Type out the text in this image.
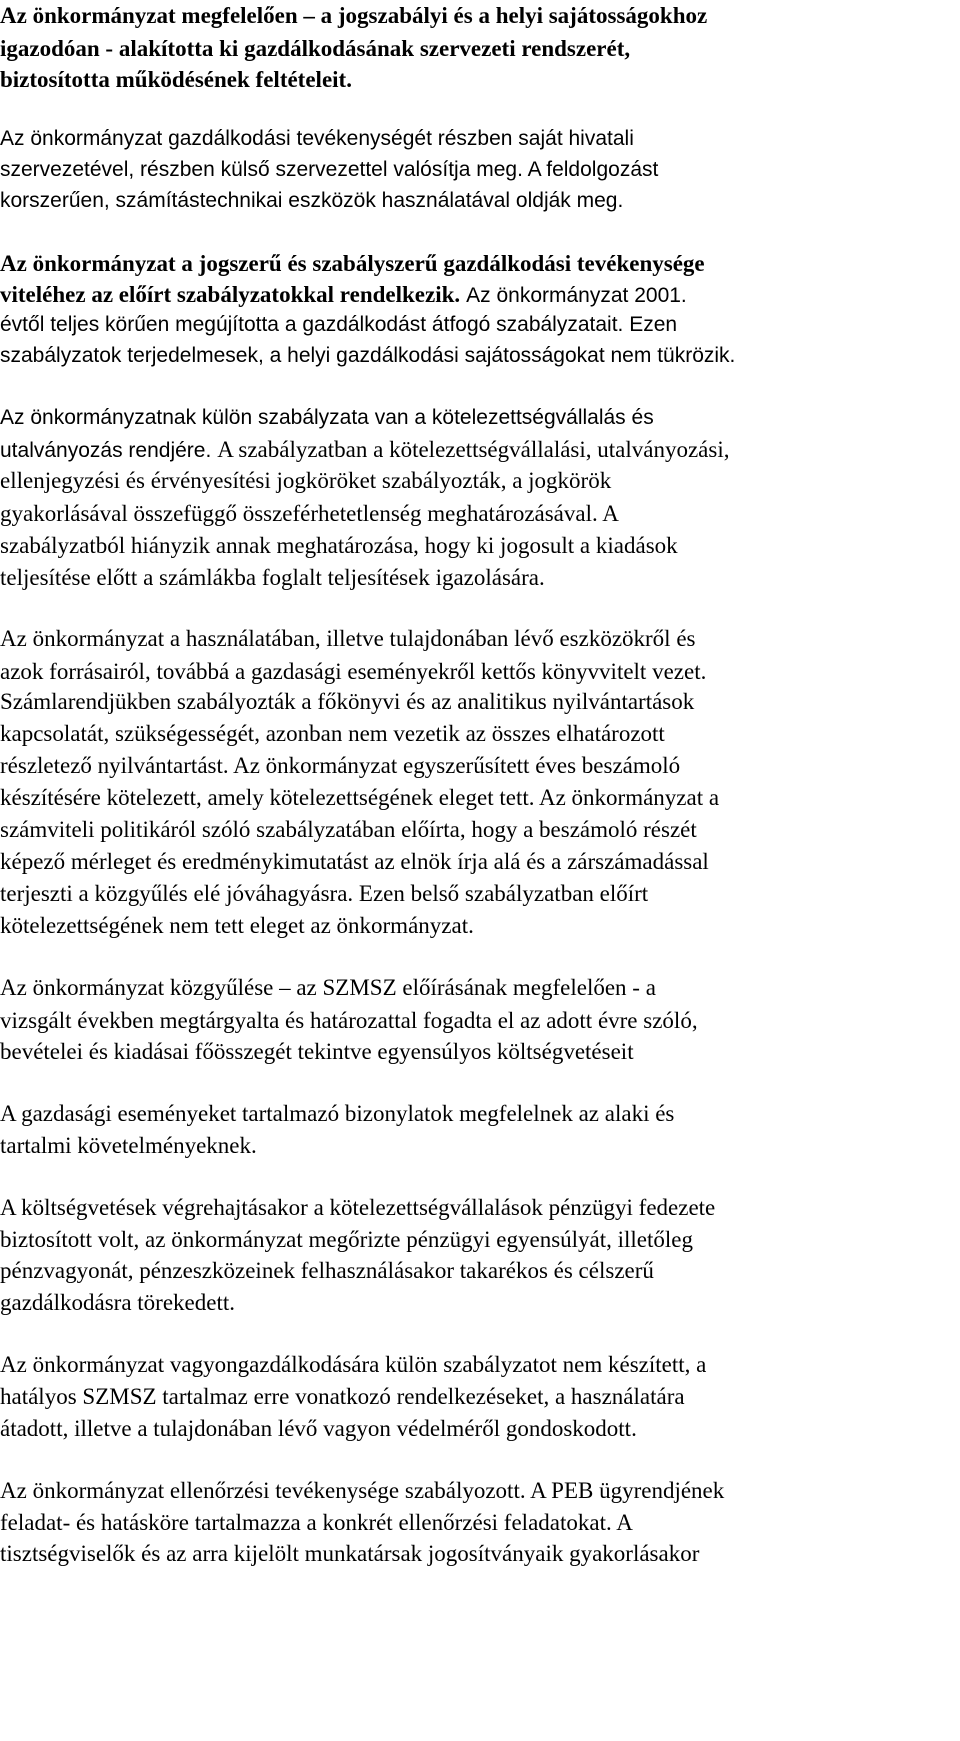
Az önkormányzat megfelelően – a jogszabályi és a helyi sajátosságokhoz
igazodóan - alakította ki gazdálkodásának szervezeti rendszerét,
biztosította működésének feltételeit.
Az önkormányzat gazdálkodási tevékenységét részben saját hivatali
szervezetével, részben külső szervezettel valósítja meg. A feldolgozást
korszerűen, számítástechnikai eszközök használatával oldják meg.
Az önkormányzat a jogszerű és szabályszerű gazdálkodási tevékenysége
viteléhez az előírt szabályzatokkal rendelkezik. Az önkormányzat 2001.
évtől teljes körűen megújította a gazdálkodást átfogó szabályzatait. Ezen
szabályzatok terjedelmesek, a helyi gazdálkodási sajátosságokat nem tükrözik.
Az önkormányzatnak külön szabályzata van a kötelezettségvállalás és
utalványozás rendjére. A szabályzatban a kötelezettségvállalási, utalványozási,
ellenjegyzési és érvényesítési jogköröket szabályozták, a jogkörök
gyakorlásával összefüggő összeférhetetlenség meghatározásával. A
szabályzatból hiányzik annak meghatározása, hogy ki jogosult a kiadások
teljesítése előtt a számlákba foglalt teljesítések igazolására.
Az önkormányzat a használatában, illetve tulajdonában lévő eszközökről és
azok forrásairól, továbbá a gazdasági eseményekről kettős könyvvitelt vezet.
Számlarendjükben szabályozták a főkönyvi és az analitikus nyilvántartások
kapcsolatát, szükségességét, azonban nem vezetik az összes elhatározott
részletező nyilvántartást. Az önkormányzat egyszerűsített éves beszámoló
készítésére kötelezett, amely kötelezettségének eleget tett. Az önkormányzat a
számviteli politikáról szóló szabályzatában előírta, hogy a beszámoló részét
képező mérleget és eredménykimutatást az elnök írja alá és a zárszámadással
terjeszti a közgyűlés elé jóváhagyásra. Ezen belső szabályzatban előírt
kötelezettségének nem tett eleget az önkormányzat.
Az önkormányzat közgyűlése – az SZMSZ előírásának megfelelően - a
vizsgált években megtárgyalta és határozattal fogadta el az adott évre szóló,
bevételei és kiadásai főösszegét tekintve egyensúlyos költségvetéseit
A gazdasági eseményeket tartalmazó bizonylatok megfelelnek az alaki és
tartalmi követelményeknek.
A költségvetések végrehajtásakor a kötelezettségvállalások pénzügyi fedezete
biztosított volt, az önkormányzat megőrizte pénzügyi egyensúlyát, illetőleg
pénzvagyonát, pénzeszközeinek felhasználásakor takarékos és célszerű
gazdálkodásra törekedett.
Az önkormányzat vagyongazdálkodására külön szabályzatot nem készített, a
hatályos SZMSZ tartalmaz erre vonatkozó rendelkezéseket, a használatára
átadott, illetve a tulajdonában lévő vagyon védelméről gondoskodott.
Az önkormányzat ellenőrzési tevékenysége szabályozott. A PEB ügyrendjének
feladat- és hatásköre tartalmazza a konkrét ellenőrzési feladatokat. A
tisztségviselők és az arra kijelölt munkatársak jogosítványaik gyakorlásakor
